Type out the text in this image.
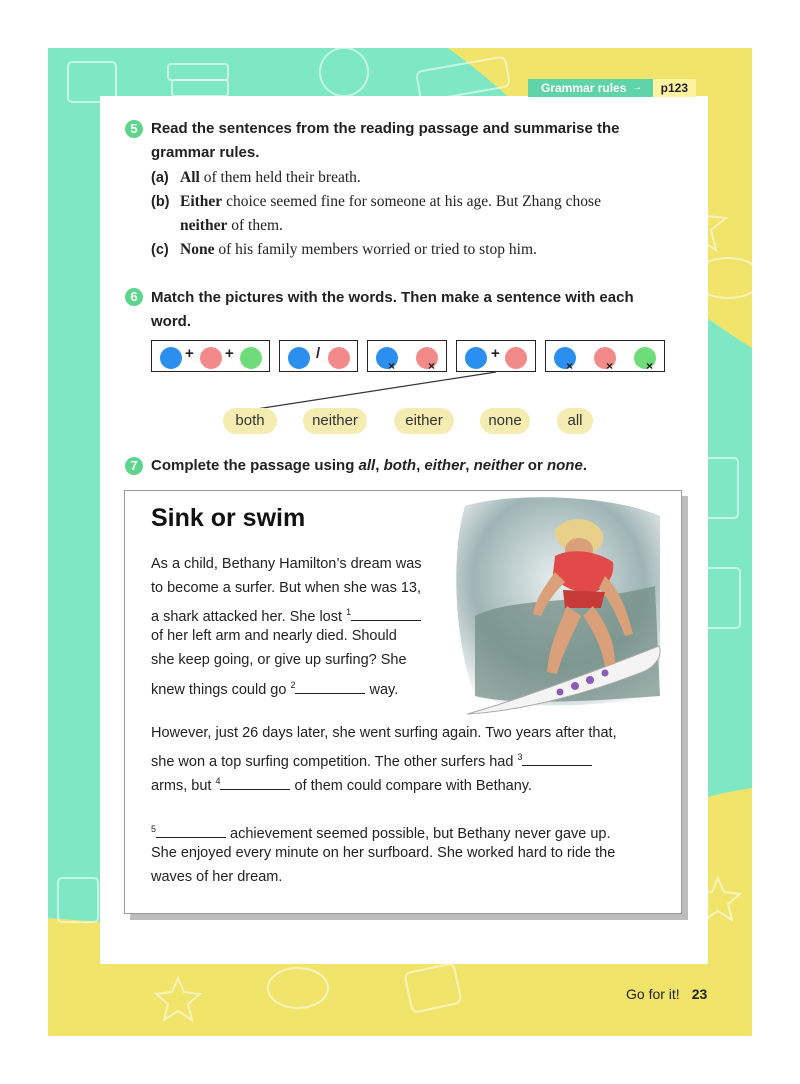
Grammar rules →	p123
5 Read the sentences from the reading passage and summarise the
grammar rules.
(a) All of them held their breath.
(b) Either choice seemed fine for someone at his age. But Zhang chose
neither of them.
(c) None of his family members worried or tried to stop him.
6 Match the pictures with the words. Then make a sentence with each
word.
+ +	/
×	×
+
×	×	×
both	neither	either	none	all
7 Complete the passage using all, both, either, neither or none.
Sink or swim
As a child, Bethany Hamilton’s dream was
to become a surfer. But when she was 13,
a shark attacked her. She lost $^1$
of her left arm and nearly died. Should
she keep going, or give up surfing? She
knew things could go $^2$	way.
However, just 26 days later, she went surfing again. Two years after that,
she won a top surfing competition. The other surfers had $^3$
arms, but $^4$	of them could compare with Bethany.
$^5$	achievement seemed possible, but Bethany never gave up.
She enjoyed every minute on her surfboard. She worked hard to ride the
waves of her dream.
Go for it! 23
